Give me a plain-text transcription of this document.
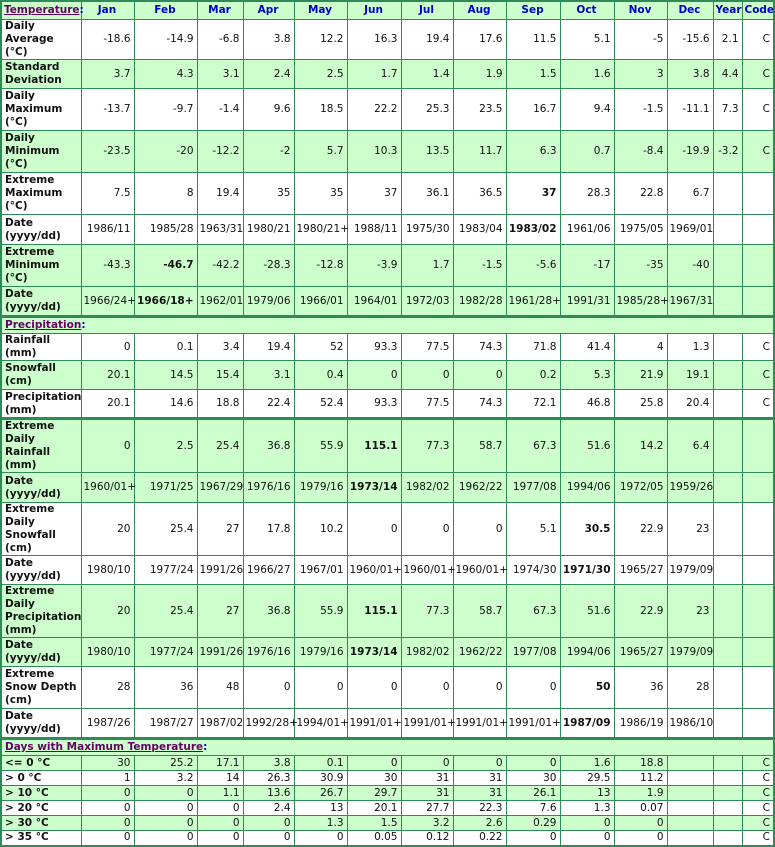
Temperature:	Jan	Feb	Mar	Apr	May	Jun	Jul	Aug	Sep	Oct	Nov	Dec	Year	Code
Daily Average (°C)	-18.6	-14.9	-6.8	3.8	12.2	16.3	19.4	17.6	11.5	5.1	-5	-15.6	2.1	C
Standard Deviation	3.7	4.3	3.1	2.4	2.5	1.7	1.4	1.9	1.5	1.6	3	3.8	4.4	C
Daily Maximum (°C)	-13.7	-9.7	-1.4	9.6	18.5	22.2	25.3	23.5	16.7	9.4	-1.5	-11.1	7.3	C
Daily Minimum (°C)	-23.5	-20	-12.2	-2	5.7	10.3	13.5	11.7	6.3	0.7	-8.4	-19.9	-3.2	C
Extreme Maximum (°C)	7.5	8	19.4	35	35	37	36.1	36.5	37	28.3	22.8	6.7		
Date (yyyy/dd)	1986/11	1985/28	1963/31	1980/21	1980/21+	1988/11	1975/30	1983/04	1983/02	1961/06	1975/05	1969/01		
Extreme Minimum (°C)	-43.3	-46.7	-42.2	-28.3	-12.8	-3.9	1.7	-1.5	-5.6	-17	-35	-40		
Date (yyyy/dd)	1966/24+	1966/18+	1962/01	1979/06	1966/01	1964/01	1972/03	1982/28	1961/28+	1991/31	1985/28+	1967/31		
Precipitation:														
Rainfall (mm)	0	0.1	3.4	19.4	52	93.3	77.5	74.3	71.8	41.4	4	1.3		C
Snowfall (cm)	20.1	14.5	15.4	3.1	0.4	0	0	0	0.2	5.3	21.9	19.1		C
Precipitation (mm)	20.1	14.6	18.8	22.4	52.4	93.3	77.5	74.3	72.1	46.8	25.8	20.4		C
Extreme Daily Rainfall (mm)	0	2.5	25.4	36.8	55.9	115.1	77.3	58.7	67.3	51.6	14.2	6.4		
Date (yyyy/dd)	1960/01+	1971/25	1967/29	1976/16	1979/16	1973/14	1982/02	1962/22	1977/08	1994/06	1972/05	1959/26		
Extreme Daily Snowfall (cm)	20	25.4	27	17.8	10.2	0	0	0	5.1	30.5	22.9	23		
Date (yyyy/dd)	1980/10	1977/24	1991/26	1966/27	1967/01	1960/01+	1960/01+	1960/01+	1974/30	1971/30	1965/27	1979/09		
Extreme Daily Precipitation (mm)	20	25.4	27	36.8	55.9	115.1	77.3	58.7	67.3	51.6	22.9	23		
Date (yyyy/dd)	1980/10	1977/24	1991/26	1976/16	1979/16	1973/14	1982/02	1962/22	1977/08	1994/06	1965/27	1979/09		
Extreme Snow Depth (cm)	28	36	48	0	0	0	0	0	0	50	36	28		
Date (yyyy/dd)	1987/26	1987/27	1987/02	1992/28+	1994/01+	1991/01+	1991/01+	1991/01+	1991/01+	1987/09	1986/19	1986/10		
Days with Maximum Temperature:														
<= 0 °C	30	25.2	17.1	3.8	0.1	0	0	0	0	1.6	18.8			C
> 0 °C	1	3.2	14	26.3	30.9	30	31	31	30	29.5	11.2			C
> 10 °C	0	0	1.1	13.6	26.7	29.7	31	31	26.1	13	1.9			C
> 20 °C	0	0	0	2.4	13	20.1	27.7	22.3	7.6	1.3	0.07			C
> 30 °C	0	0	0	0	1.3	1.5	3.2	2.6	0.29	0	0			C
> 35 °C	0	0	0	0	0	0.05	0.12	0.22	0	0	0			C
